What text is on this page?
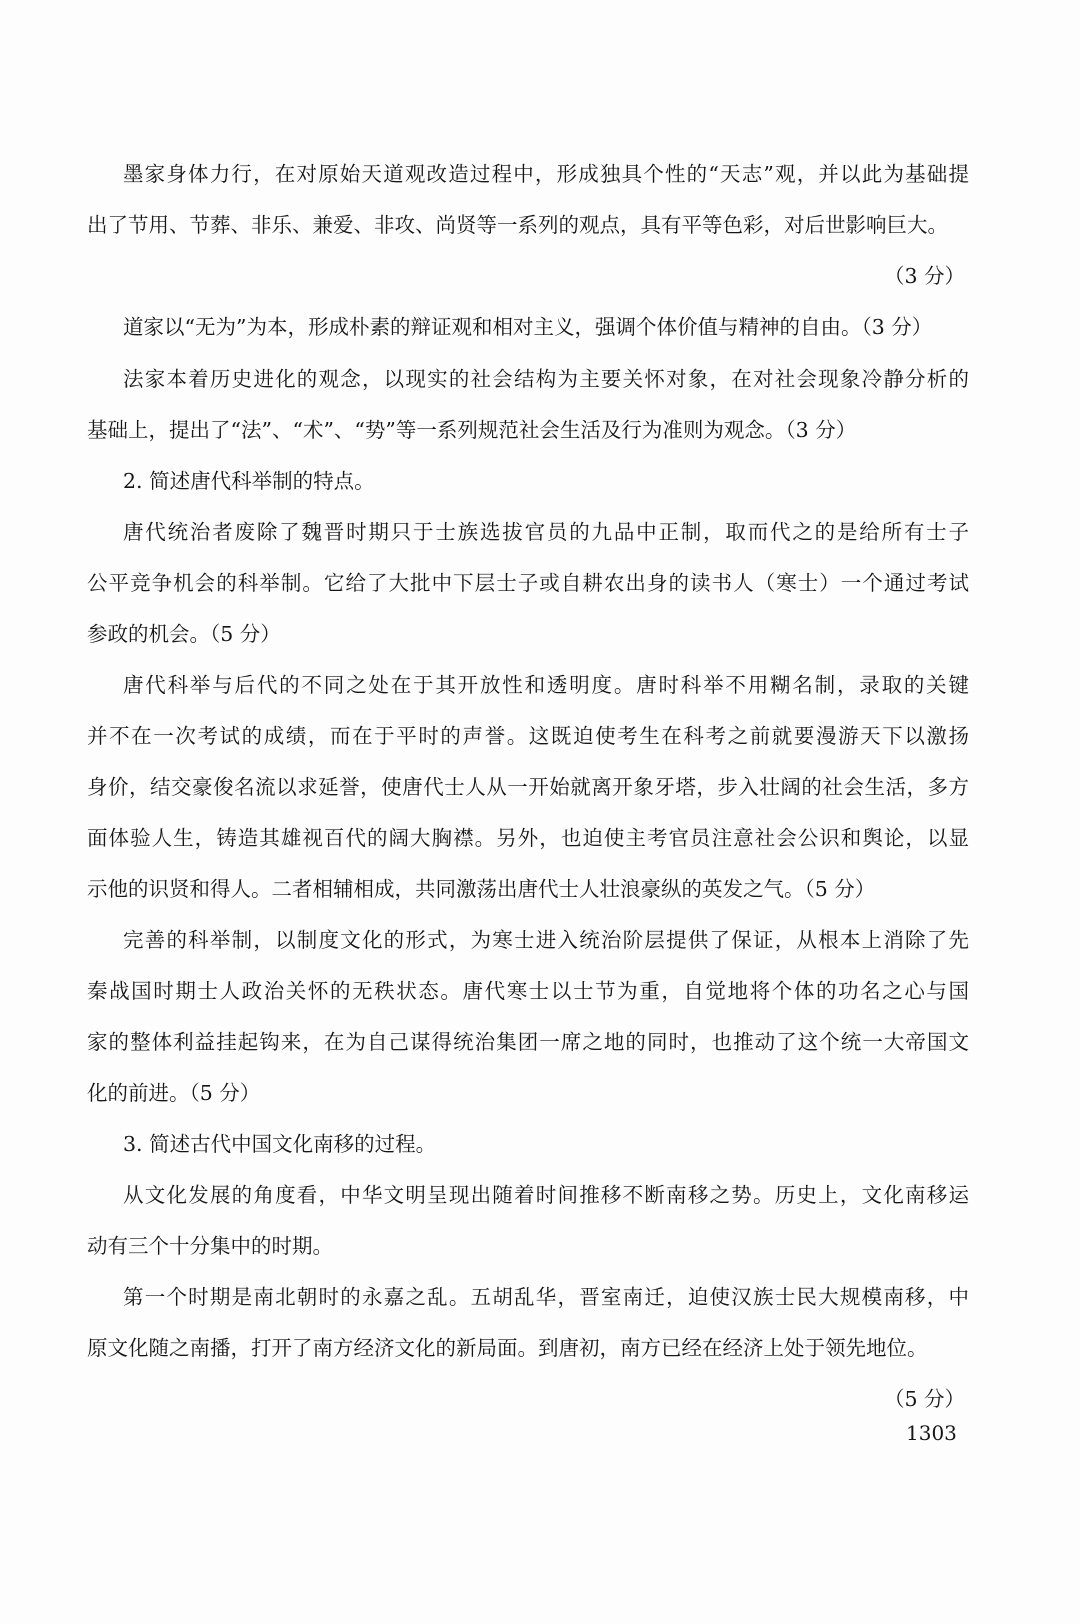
墨家身体力行，在对原始天道观改造过程中，形成独具个性的“天志”观，并以此为基础提
出了节用、节葬、非乐、兼爱、非攻、尚贤等一系列的观点，具有平等色彩，对后世影响巨大。
（3 分）
道家以“无为”为本，形成朴素的辩证观和相对主义，强调个体价值与精神的自由。（3 分）
法家本着历史进化的观念，以现实的社会结构为主要关怀对象，在对社会现象冷静分析的
基础上，提出了“法”、“术”、“势”等一系列规范社会生活及行为准则为观念。（3 分）
2. 简述唐代科举制的特点。
唐代统治者废除了魏晋时期只于士族选拔官员的九品中正制，取而代之的是给所有士子
公平竞争机会的科举制。它给了大批中下层士子或自耕农出身的读书人（寒士）一个通过考试
参政的机会。（5 分）
唐代科举与后代的不同之处在于其开放性和透明度。唐时科举不用糊名制，录取的关键
并不在一次考试的成绩，而在于平时的声誉。这既迫使考生在科考之前就要漫游天下以激扬
身价，结交豪俊名流以求延誉，使唐代士人从一开始就离开象牙塔，步入壮阔的社会生活，多方
面体验人生，铸造其雄视百代的阔大胸襟。另外，也迫使主考官员注意社会公识和舆论，以显
示他的识贤和得人。二者相辅相成，共同激荡出唐代士人壮浪豪纵的英发之气。（5 分）
完善的科举制，以制度文化的形式，为寒士进入统治阶层提供了保证，从根本上消除了先
秦战国时期士人政治关怀的无秩状态。唐代寒士以士节为重，自觉地将个体的功名之心与国
家的整体利益挂起钩来，在为自己谋得统治集团一席之地的同时，也推动了这个统一大帝国文
化的前进。（5 分）
3. 简述古代中国文化南移的过程。
从文化发展的角度看，中华文明呈现出随着时间推移不断南移之势。历史上，文化南移运
动有三个十分集中的时期。
第一个时期是南北朝时的永嘉之乱。五胡乱华，晋室南迁，迫使汉族士民大规模南移，中
原文化随之南播，打开了南方经济文化的新局面。到唐初，南方已经在经济上处于领先地位。
（5 分）
1303
